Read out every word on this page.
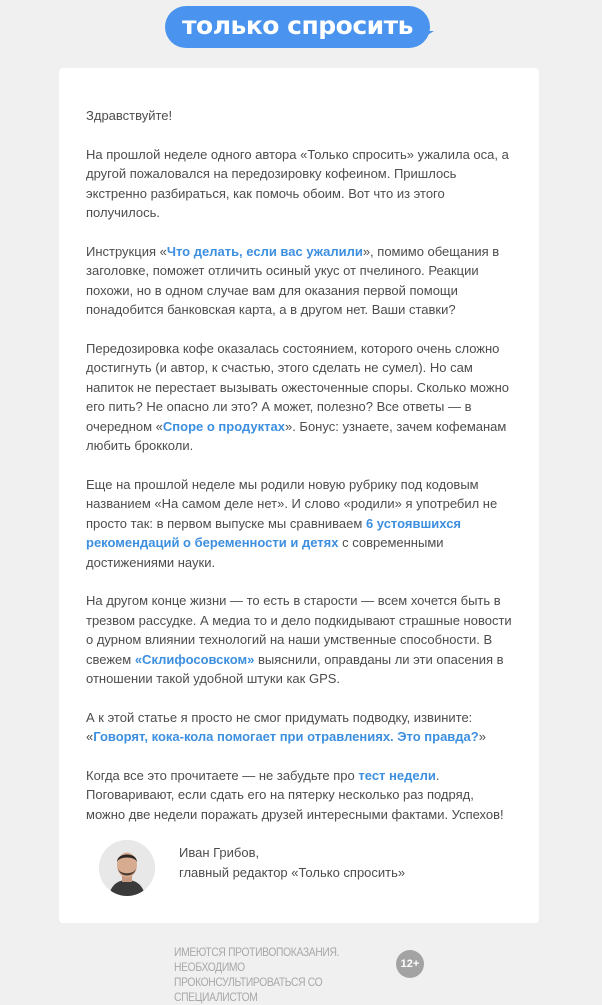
только спросить

Здравствуйте!

На прошлой неделе одного автора «Только спросить» ужалила оса, а другой пожаловался на передозировку кофеином. Пришлось экстренно разбираться, как помочь обоим. Вот что из этого получилось.

Инструкция «Что делать, если вас ужалили», помимо обещания в заголовке, поможет отличить осиный укус от пчелиного. Реакции похожи, но в одном случае вам для оказания первой помощи понадобится банковская карта, а в другом нет. Ваши ставки?

Передозировка кофе оказалась состоянием, которого очень сложно достигнуть (и автор, к счастью, этого сделать не сумел). Но сам напиток не перестает вызывать ожесточенные споры. Сколько можно его пить? Не опасно ли это? А может, полезно? Все ответы — в очередном «Споре о продуктах». Бонус: узнаете, зачем кофеманам любить брокколи.

Еще на прошлой неделе мы родили новую рубрику под кодовым названием «На самом деле нет». И слово «родили» я употребил не просто так: в первом выпуске мы сравниваем 6 устоявшихся рекомендаций о беременности и детях с современными достижениями науки.

На другом конце жизни — то есть в старости — всем хочется быть в трезвом рассудке. А медиа то и дело подкидывают страшные новости о дурном влиянии технологий на наши умственные способности. В свежем «Склифосовском» выяснили, оправданы ли эти опасения в отношении такой удобной штуки как GPS.

А к этой статье я просто не смог придумать подводку, извините: «Говорят, кока-кола помогает при отравлениях. Это правда?»

Когда все это прочитаете — не забудьте про тест недели. Поговаривают, если сдать его на пятерку несколько раз подряд, можно две недели поражать друзей интересными фактами. Успехов!

Иван Грибов,
главный редактор «Только спросить»
ИМЕЮТСЯ ПРОТИВОПОКАЗАНИЯ. НЕОБХОДИМО
ПРОКОНСУЛЬТИРОВАТЬСЯ СО СПЕЦИАЛИСТОМ
12+
